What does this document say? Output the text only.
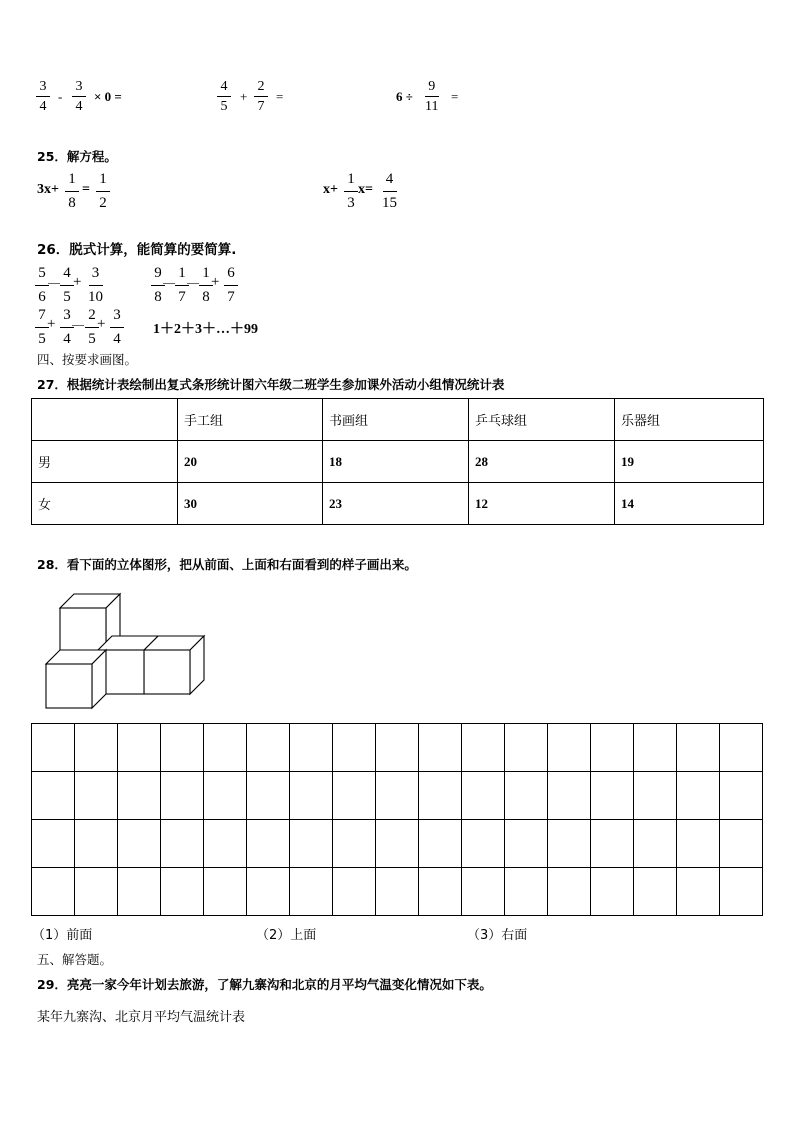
$\frac{3}{4} - \frac{3}{4} \times 0$ =	$\frac{4}{5} + \frac{2}{7}$ =	$6 \div \frac{9}{11}$ =
25．解方程。
$3x+ \frac{1}{8} = \frac{1}{2}$	$x+ \frac{1}{3} x= \frac{4}{15}$
26．脱式计算，能简算的要简算.
$\frac{5}{6}$ — $\frac{4}{5} + \frac{3}{10}$	$\frac{9}{8}$
— $\frac{1}{7}$
— $\frac{1}{8}$
+ $\frac{6}{7}$
$\frac{7}{5}$
+ $\frac{3}{4}$
— $\frac{2}{5}$
+ $\frac{3}{4}$ 1＋2＋3＋…＋99
四、按要求画图。
27．根据统计表绘制出复式条形统计图六年级二班学生参加课外活动小组情况统计表
	手工组	书画组	乒乓球组	乐器组
男	20	18	28	19
女	30	23	12	14
28．看下面的立体图形，把从前面、上面和右面看到的样子画出来。

（1）前面	（2）上面	（3）右面
五、解答题。
29．亮亮一家今年计划去旅游，了解九寨沟和北京的月平均气温变化情况如下表。
某年九寨沟、北京月平均气温统计表
